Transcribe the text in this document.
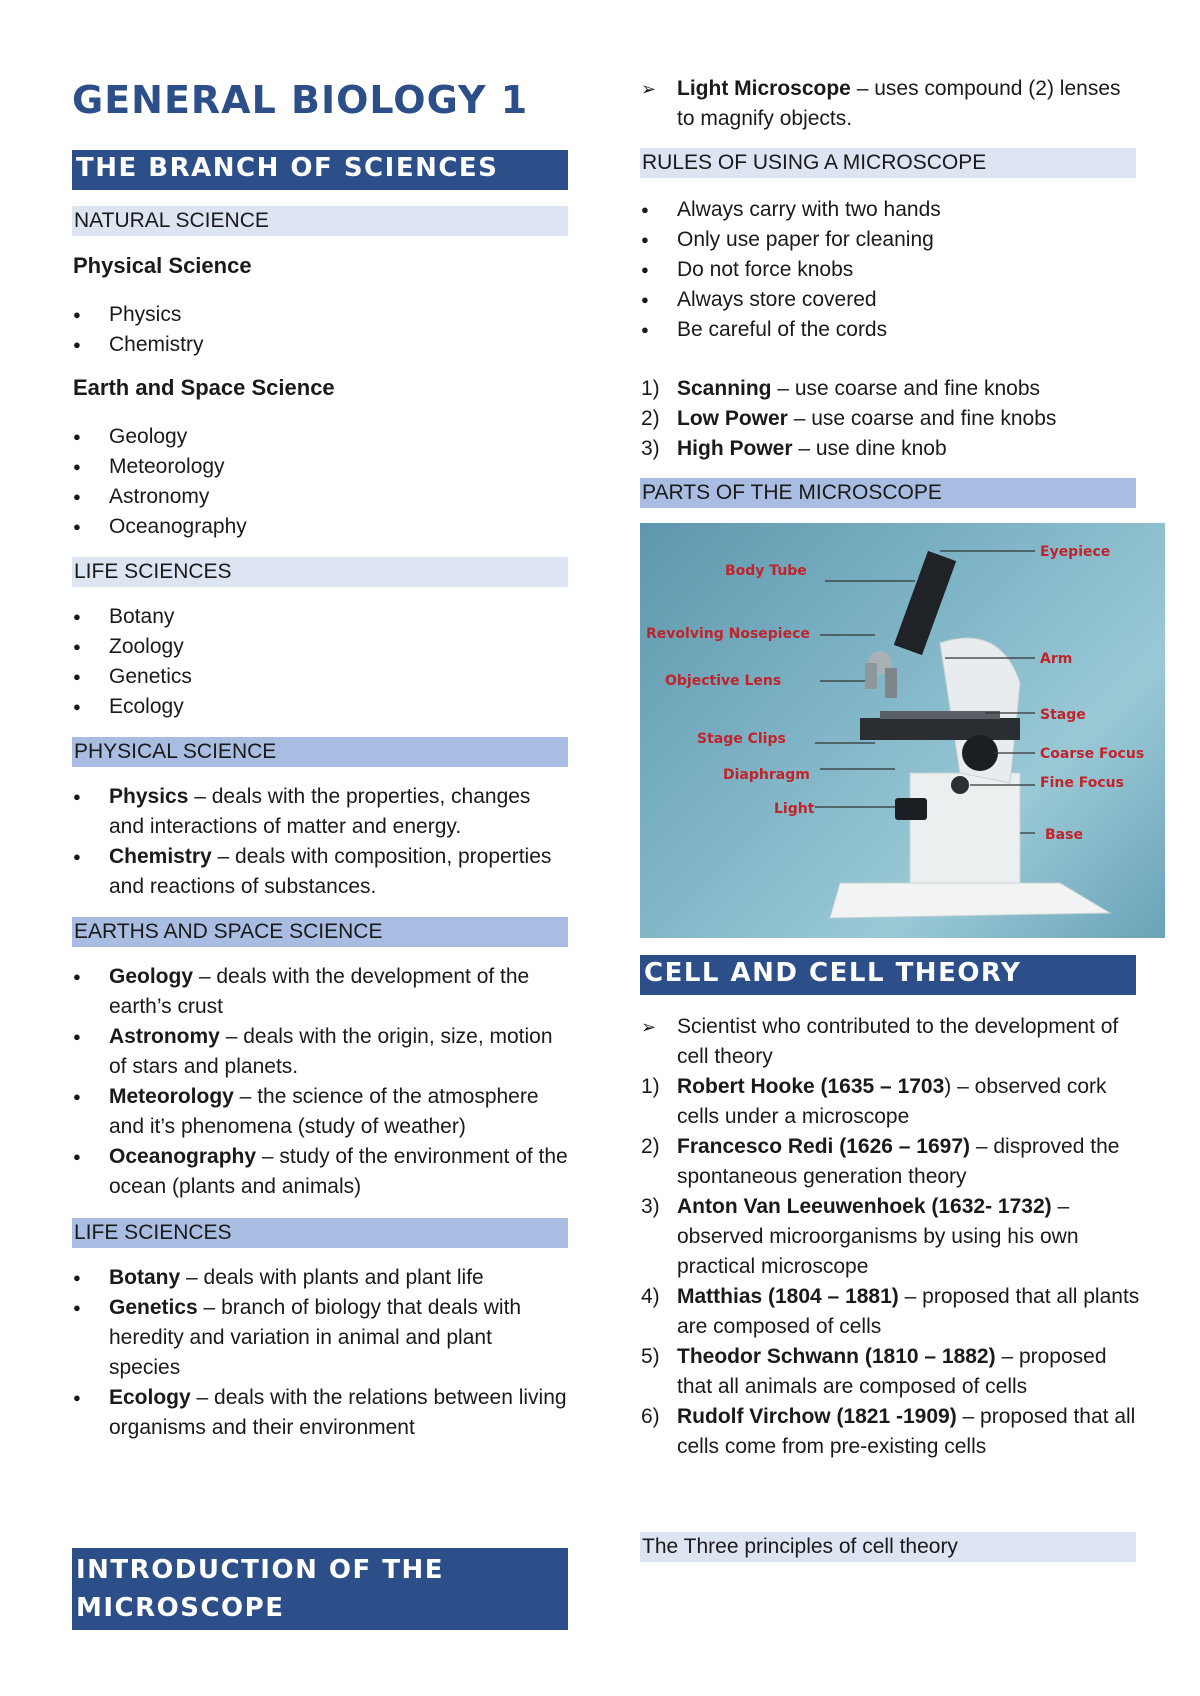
GENERAL BIOLOGY 1
THE BRANCH OF SCIENCES
NATURAL SCIENCE
Physical Science
● Physics
● Chemistry
Earth and Space Science
● Geology
● Meteorology
● Astronomy
● Oceanography
LIFE SCIENCES
● Botany
● Zoology
● Genetics
● Ecology
PHYSICAL SCIENCE
● Physics – deals with the properties, changes and interactions of matter and energy.
● Chemistry – deals with composition, properties and reactions of substances.
EARTHS AND SPACE SCIENCE
● Geology – deals with the development of the earth’s crust
● Astronomy – deals with the origin, size, motion of stars and planets.
● Meteorology – the science of the atmosphere and it’s phenomena (study of weather)
● Oceanography – study of the environment of the ocean (plants and animals)
LIFE SCIENCES
● Botany – deals with plants and plant life
● Genetics – branch of biology that deals with heredity and variation in animal and plant species
● Ecology – deals with the relations between living organisms and their environment
INTRODUCTION OF THE MICROSCOPE
➢ Light Microscope – uses compound (2) lenses to magnify objects.
RULES OF USING A MICROSCOPE
● Always carry with two hands
● Only use paper for cleaning
● Do not force knobs
● Always store covered
● Be careful of the cords
1) Scanning – use coarse and fine knobs
2) Low Power – use coarse and fine knobs
3) High Power – use dine knob
PARTS OF THE MICROSCOPE
Eyepiece
Body Tube
Revolving Nosepiece
Arm
Objective Lens
Stage
Stage Clips
Coarse Focus
Diaphragm	Fine Focus
Light
Base
CELL AND CELL THEORY
➢ Scientist who contributed to the development of cell theory
1) Robert Hooke (1635 – 1703) – observed cork cells under a microscope
2) Francesco Redi (1626 – 1697) – disproved the spontaneous generation theory
3) Anton Van Leeuwenhoek (1632- 1732) – observed microorganisms by using his own practical microscope
4) Matthias (1804 – 1881) – proposed that all plants are composed of cells
5) Theodor Schwann (1810 – 1882) – proposed that all animals are composed of cells
6) Rudolf Virchow (1821 -1909) – proposed that all cells come from pre-existing cells
The Three principles of cell theory
